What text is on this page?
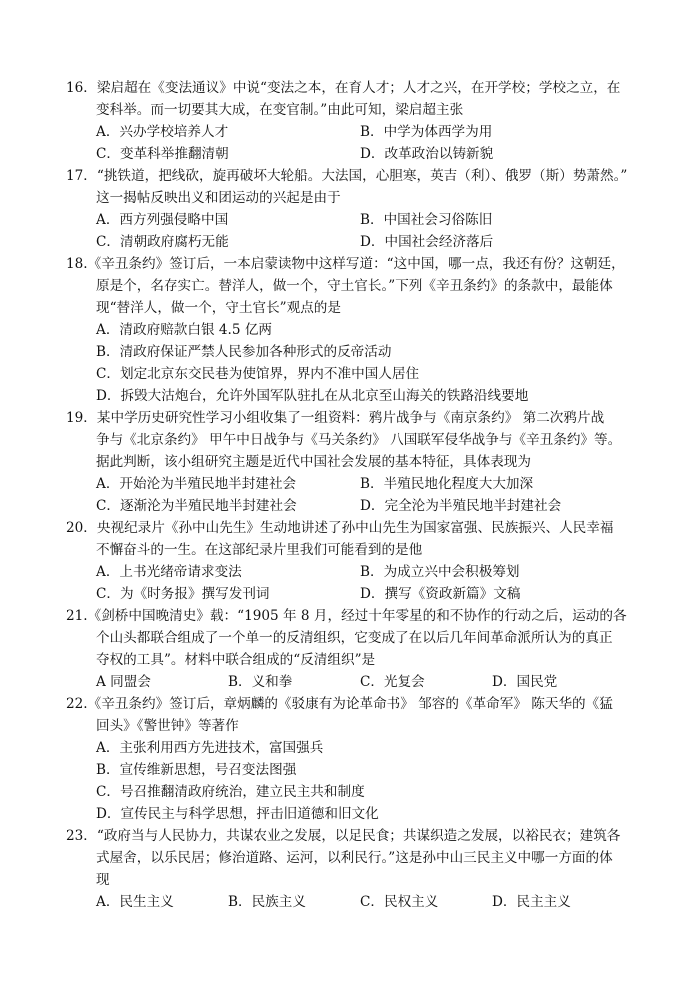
16．梁启超在《变法通议》中说“变法之本，在育人才；人才之兴，在开学校；学校之立，在
变科举。而一切要其大成，在变官制。”由此可知，梁启超主张
A．兴办学校培养人才	B．中学为体西学为用
C．变革科举推翻清朝	D．改革政治以铸新貌
17．“挑铁道，把线砍，旋再破坏大轮船。大法国，心胆寒，英吉（利）、俄罗（斯）势萧然。”
这一揭帖反映出义和团运动的兴起是由于
A．西方列强侵略中国	B．中国社会习俗陈旧
C．清朝政府腐朽无能	D．中国社会经济落后
18.《辛丑条约》签订后，一本启蒙读物中这样写道：“这中国，哪一点，我还有份？这朝廷，
原是个，名存实亡。替洋人，做一个，守土官长。”下列《辛丑条约》的条款中，最能体
现“替洋人，做一个，守土官长”观点的是
A．清政府赔款白银 4.5 亿两
B．清政府保证严禁人民参加各种形式的反帝活动
C．划定北京东交民巷为使馆界，界内不准中国人居住
D．拆毁大沽炮台，允许外国军队驻扎在从北京至山海关的铁路沿线要地
19．某中学历史研究性学习小组收集了一组资料：鸦片战争与《南京条约》 第二次鸦片战
争与《北京条约》 甲午中日战争与《马关条约》 八国联军侵华战争与《辛丑条约》等。
据此判断，该小组研究主题是近代中国社会发展的基本特征，具体表现为
A．开始沦为半殖民地半封建社会	B．半殖民地化程度大大加深
C．逐渐沦为半殖民地半封建社会	D．完全沦为半殖民地半封建社会
20．央视纪录片《孙中山先生》生动地讲述了孙中山先生为国家富强、民族振兴、人民幸福
不懈奋斗的一生。在这部纪录片里我们可能看到的是他
A．上书光绪帝请求变法	B．为成立兴中会积极筹划
C．为《时务报》撰写发刊词	D．撰写《资政新篇》文稿
21.《剑桥中国晚清史》载：“1905 年 8 月，经过十年零星的和不协作的行动之后，运动的各
个山头都联合组成了一个单一的反清组织，它变成了在以后几年间革命派所认为的真正
夺权的工具”。材料中联合组成的“反清组织”是
A 同盟会	B．义和拳	C．光复会	D．国民党
22.《辛丑条约》签订后，章炳麟的《驳康有为论革命书》 邹容的《革命军》 陈天华的《猛
回头》《警世钟》等著作
A．主张利用西方先进技术，富国强兵
B．宣传维新思想，号召变法图强
C．号召推翻清政府统治，建立民主共和制度
D．宣传民主与科学思想，抨击旧道德和旧文化
23．“政府当与人民协力，共谋农业之发展，以足民食；共谋织造之发展，以裕民衣；建筑各
式屋舍，以乐民居；修治道路、运河，以利民行。”这是孙中山三民主义中哪一方面的体
现
A．民生主义	B．民族主义	C．民权主义	D．民主主义
